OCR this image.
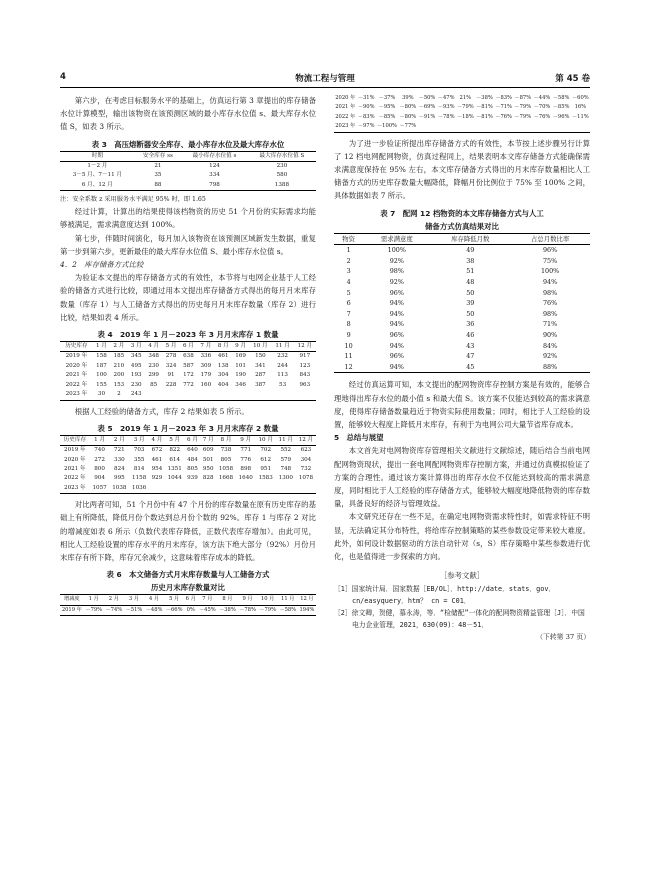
4	物流工程与管理	第 45 卷

第六步，在考虑目标服务水平的基础上，仿真运行第 3 章提出的库存储备水位计算模型，输出该物资在该预测区域的最小库存水位值 s、最大库存水位值 S，如表 3 所示。

表 3　高压熔断器安全库存、最小库存水位及最大库存水位
时期	安全库存 ss	最小库存水位值 s	最大库存水位值 S
1－2 月	21	124	230
3－5 月、7－11 月	35	334	580
6 月、12 月	88	798	1388
注：安全系数 z 采用服务水平满足 95% 时，即 1.65

经过计算，计算出的结果使得该档物资的历史 51 个月份的实际需求均能够被满足，需求满意度达到 100%。

第七步，伴随时间演化，每月加入该物资在该预测区域新发生数据，重复第一步到第六步，更新最佳的最大库存水位值 S、最小库存水位值 s。

4．2　库存储备方式比较

为验证本文提出的库存储备方式的有效性，本节将与电网企业基于人工经验的储备方式进行比较，即通过用本文提出库存储备方式得出的每月月末库存数量（库存 1）与人工储备方式得出的历史每月月末库存数量（库存 2）进行比较，结果如表 4 所示。

表 4　2019 年 1 月－2023 年 3 月月末库存 1 数量
历史库存	1 月	2 月	3 月	4 月	5 月	6 月	7 月	8 月	9 月	10 月	11 月	12 月
2019 年	158	185	345	348	278	638	336	461	169	150	232	917
2020 年	187	210	495	230	324	587	309	138	101	341	244	123
2021 年	100	200	193	299	91	172	179	304	190	287	113	843
2022 年	155	153	230	85	228	772	160	404	346	387	53	963
2023 年	30	2	243									

根据人工经验的储备方式，库存 2 结果如表 5 所示。

表 5　2019 年 1 月－2023 年 3 月月末库存 2 数量
历史库存	1 月	2 月	3 月	4 月	5 月	6 月	7 月	8 月	9 月	10 月	11 月	12 月
2019 年	740	721	703	672	822	640	609	738	771	702	552	623
2020 年	272	330	355	461	614	484	501	805	776	612	579	304
2021 年	800	824	814	954	1351	805	950	1058	898	951	748	732
2022 年	904	995	1158	929	1044	939	828	1668	1640	1583	1300	1078
2023 年	1057	1038	1036									

对比两者可知，51 个月份中有 47 个月份的库存数量在原有历史库存的基础上有所降低，降低月份个数达到总月份个数的 92%。库存 1 与库存 2 对比的增减度如表 6 所示（负数代表库存降低，正数代表库存增加）。由此可见，相比人工经验设置的库存水平的月末库存，该方法下绝大部分（92%）月份月末库存有所下降，库存冗余减少，这意味着库存成本的降低。

表 6　本文储备方式月末库存数量与人工储备方式
历史月末库存数量对比
增减度	1 月	2 月	3 月	4 月	5 月	6 月	7 月	8 月	9 月	10 月	11 月	12 月
2019 年	－79%	－74%	－51%	－48%	－66%	0%	－45%	－38%	－78%	－79%	－58%	194%
2020 年	－31%	－37%	39%	－50%	－47%	21%	－38%	－83%	－87%	－44%	－58%	－60%
2021 年	－90%	－95%	－80%	－69%	－93%	－79%	－81%	－71%	－79%	－70%	－85%	16%
2022 年	－83%	－85%	－80%	－91%	－78%	－18%	－81%	－76%	－79%	－76%	－96%	－11%
2023 年	－97%	－100%	－77%									

为了进一步验证所提出库存储备方式的有效性，本节按上述步骤另行计算了 12 档电网配网物资，仿真过程同上，结果表明本文库存储备方式能确保需求满意度保持在 95% 左右，本文库存储备方式得出的月末库存数量相比人工储备方式的历史库存数量大幅降低，降幅月份比例位于 75% 至 100% 之间，具体数据如表 7 所示。

表 7　配网 12 档物资的本文库存储备方式与人工
储备方式仿真结果对比
物资	需求满意度	库存降低月数	占总月数比率
1	100%	49	96%
2	92%	38	75%
3	98%	51	100%
4	92%	48	94%
5	96%	50	98%
6	94%	39	76%
7	94%	50	98%
8	94%	36	71%
9	96%	46	90%
10	94%	43	84%
11	96%	47	92%
12	94%	45	88%

经过仿真运算可知，本文提出的配网物资库存控制方案是有效的，能够合理地得出库存水位的最小值 s 和最大值 S。该方案不仅能达到较高的需求满意度，使得库存储备数量趋近于物资实际使用数量；同时，相比于人工经验的设置，能够较大程度上降低月末库存，有利于为电网公司大量节省库存成本。

5　总结与展望

本文首先对电网物资库存管理相关文献进行文献综述，随后结合当前电网配网物资现状，提出一套电网配网物资库存控制方案，并通过仿真模拟验证了方案的合理性。通过该方案计算得出的库存水位不仅能达到较高的需求满意度，同时相比于人工经验的库存储备方式，能够较大幅度地降低物资的库存数量，具备良好的经济与管理效益。

本文研究还存在一些不足，在确定电网物资需求特性时，如需求特征不明显，无法确定其分布特性，将给库存控制策略的某些参数设定带来较大难度。此外，如何设计数据驱动的方法自动针对（s，S）库存策略中某些参数进行优化，也是值得进一步探索的方向。

［参考文献］
［1］国家统计局．国家数据［EB/OL］．http://date．stats．gov．cn/easyquery．htm？ cn = C01．
［2］徐文卿，贺健，慕永涛，等．“检储配”一体化的配网物资精益管理［J］．中国电力企业管理，2021，630(09)：48－51．
（下转第 37 页）
